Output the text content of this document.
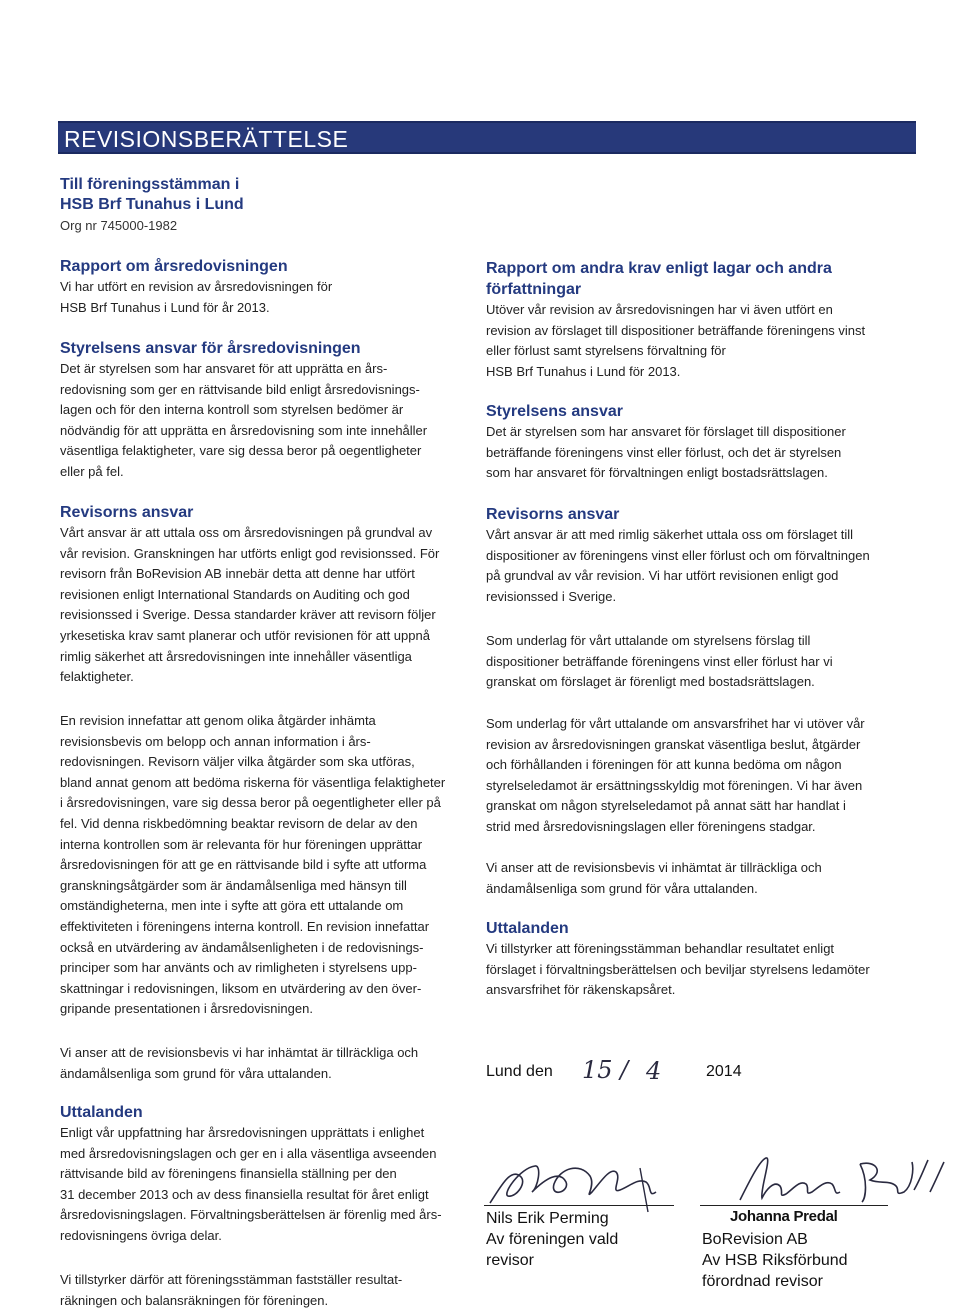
REVISIONSBERÄTTELSE
Till föreningsstämman i
HSB Brf Tunahus i Lund
Org nr 745000-1982
Rapport om årsredovisningen
Vi har utfört en revision av årsredovisningen för
HSB Brf Tunahus i Lund för år 2013.
Styrelsens ansvar för årsredovisningen
Det är styrelsen som har ansvaret för att upprätta en års-
redovisning som ger en rättvisande bild enligt årsredovisnings-
lagen och för den interna kontroll som styrelsen bedömer är
nödvändig för att upprätta en årsredovisning som inte innehåller
väsentliga felaktigheter, vare sig dessa beror på oegentligheter
eller på fel.
Revisorns ansvar
Vårt ansvar är att uttala oss om årsredovisningen på grundval av
vår revision. Granskningen har utförts enligt god revisionssed. För
revisorn från BoRevision AB innebär detta att denne har utfört
revisionen enligt International Standards on Auditing och god
revisionssed i Sverige. Dessa standarder kräver att revisorn följer
yrkesetiska krav samt planerar och utför revisionen för att uppnå
rimlig säkerhet att årsredovisningen inte innehåller väsentliga
felaktigheter.
En revision innefattar att genom olika åtgärder inhämta
revisionsbevis om belopp och annan information i års-
redovisningen. Revisorn väljer vilka åtgärder som ska utföras,
bland annat genom att bedöma riskerna för väsentliga felaktigheter
i årsredovisningen, vare sig dessa beror på oegentligheter eller på
fel. Vid denna riskbedömning beaktar revisorn de delar av den
interna kontrollen som är relevanta för hur föreningen upprättar
årsredovisningen för att ge en rättvisande bild i syfte att utforma
granskningsåtgärder som är ändamålsenliga med hänsyn till
omständigheterna, men inte i syfte att göra ett uttalande om
effektiviteten i föreningens interna kontroll. En revision innefattar
också en utvärdering av ändamålsenligheten i de redovisnings-
principer som har använts och av rimligheten i styrelsens upp-
skattningar i redovisningen, liksom en utvärdering av den över-
gripande presentationen i årsredovisningen.
Vi anser att de revisionsbevis vi har inhämtat är tillräckliga och
ändamålsenliga som grund för våra uttalanden.
Uttalanden
Enligt vår uppfattning har årsredovisningen upprättats i enlighet
med årsredovisningslagen och ger en i alla väsentliga avseenden
rättvisande bild av föreningens finansiella ställning per den
31 december 2013 och av dess finansiella resultat för året enligt
årsredovisningslagen. Förvaltningsberättelsen är förenlig med års-
redovisningens övriga delar.
Vi tillstyrker därför att föreningsstämman fastställer resultat-
räkningen och balansräkningen för föreningen.
Rapport om andra krav enligt lagar och andra
författningar
Utöver vår revision av årsredovisningen har vi även utfört en
revision av förslaget till dispositioner beträffande föreningens vinst
eller förlust samt styrelsens förvaltning för
HSB Brf Tunahus i Lund för 2013.
Styrelsens ansvar
Det är styrelsen som har ansvaret för förslaget till dispositioner
beträffande föreningens vinst eller förlust, och det är styrelsen
som har ansvaret för förvaltningen enligt bostadsrättslagen.
Revisorns ansvar
Vårt ansvar är att med rimlig säkerhet uttala oss om förslaget till
dispositioner av föreningens vinst eller förlust och om förvaltningen
på grundval av vår revision. Vi har utfört revisionen enligt god
revisionssed i Sverige.
Som underlag för vårt uttalande om styrelsens förslag till
dispositioner beträffande föreningens vinst eller förlust har vi
granskat om förslaget är förenligt med bostadsrättslagen.
Som underlag för vårt uttalande om ansvarsfrihet har vi utöver vår
revision av årsredovisningen granskat väsentliga beslut, åtgärder
och förhållanden i föreningen för att kunna bedöma om någon
styrelseledamot är ersättningsskyldig mot föreningen. Vi har även
granskat om någon styrelseledamot på annat sätt har handlat i
strid med årsredovisningslagen eller föreningens stadgar.
Vi anser att de revisionsbevis vi inhämtat är tillräckliga och
ändamålsenliga som grund för våra uttalanden.
Uttalanden
Vi tillstyrker att föreningsstämman behandlar resultatet enligt
förslaget i förvaltningsberättelsen och beviljar styrelsens ledamöter
ansvarsfrihet för räkenskapsåret.
Lund den 15 / 4	2014
Nils Erik Perming
Av föreningen vald
revisor
Johanna Predal
BoRevision AB
Av HSB Riksförbund
förordnad revisor
